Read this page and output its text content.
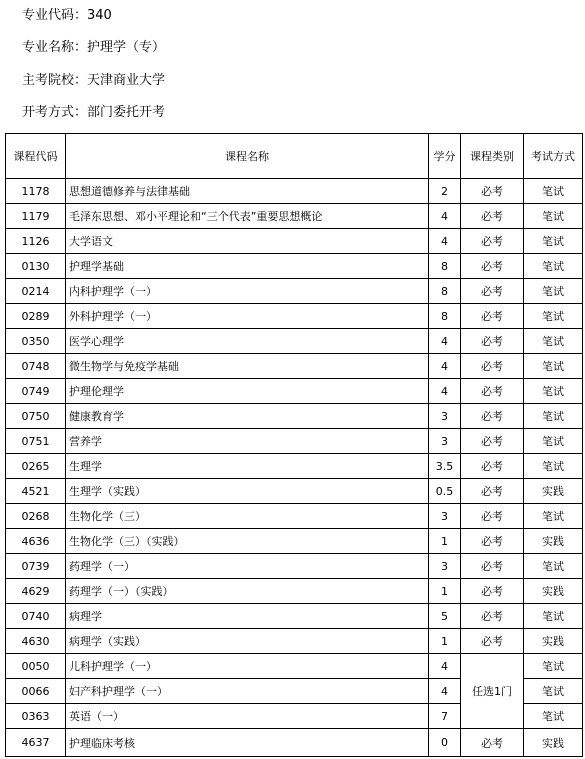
专业代码：340
专业名称：护理学（专）
主考院校：天津商业大学
开考方式：部门委托开考
课程代码	课程名称	学分	课程类别	考试方式
1178	思想道德修养与法律基础	2	必考	笔试
1179	毛泽东思想、邓小平理论和“三个代表”重要思想概论	4	必考	笔试
1126	大学语文	4	必考	笔试
0130	护理学基础	8	必考	笔试
0214	内科护理学（一）	8	必考	笔试
0289	外科护理学（一）	8	必考	笔试
0350	医学心理学	4	必考	笔试
0748	微生物学与免疫学基础	4	必考	笔试
0749	护理伦理学	4	必考	笔试
0750	健康教育学	3	必考	笔试
0751	营养学	3	必考	笔试
0265	生理学	3.5	必考	笔试
4521	生理学（实践）	0.5	必考	实践
0268	生物化学（三）	3	必考	笔试
4636	生物化学（三）（实践）	1	必考	实践
0739	药理学（一）	3	必考	笔试
4629	药理学（一）（实践）	1	必考	实践
0740	病理学	5	必考	笔试
4630	病理学（实践）	1	必考	实践
0050	儿科护理学（一）	4	任选1门	笔试
0066	妇产科护理学（一）	4		笔试
0363	英语（一）	7		笔试
4637	护理临床考核	0	必考	实践
